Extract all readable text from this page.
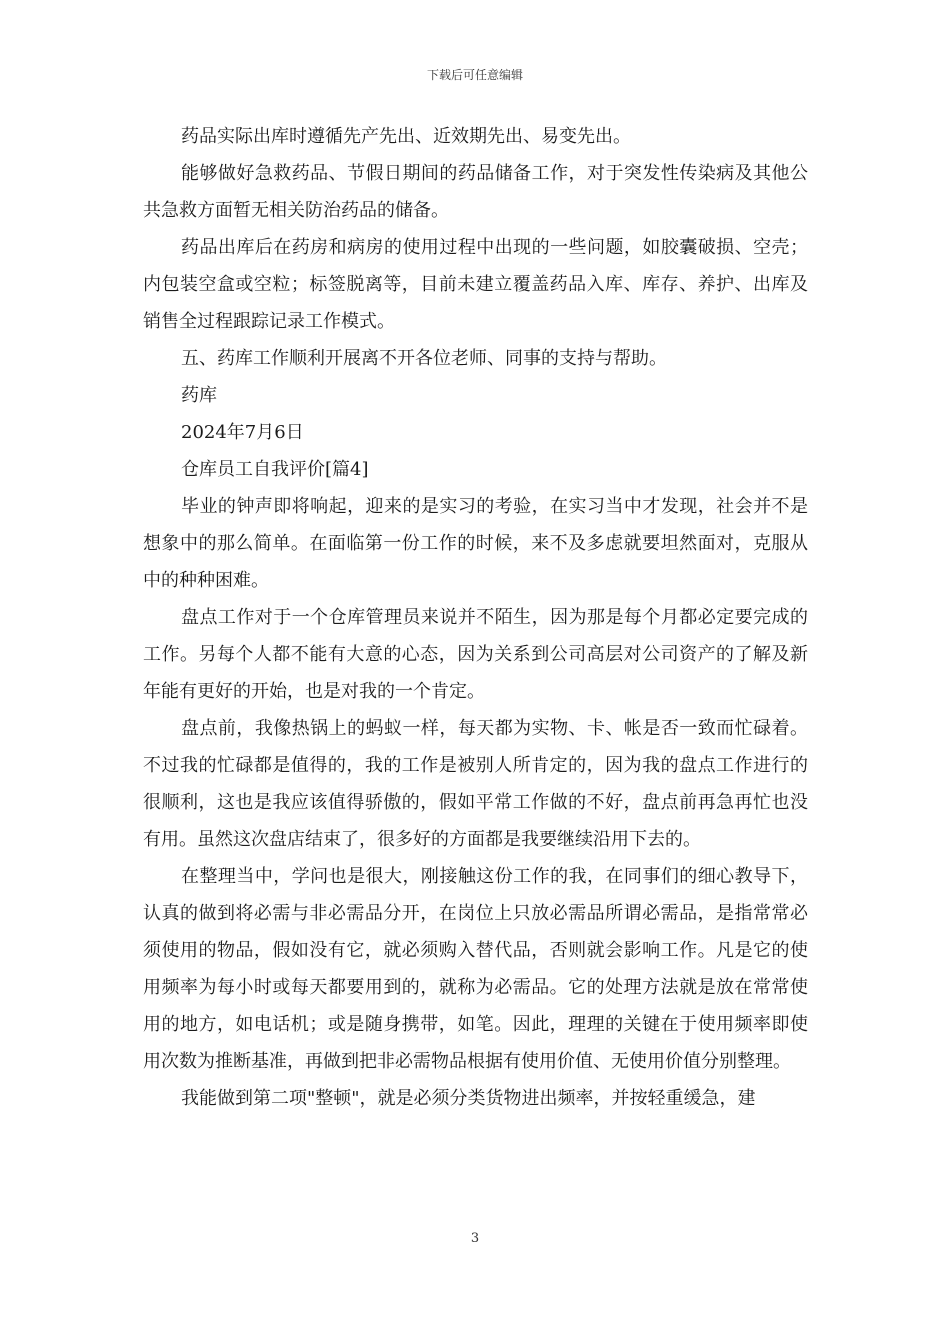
下载后可任意编辑

药品实际出库时遵循先产先出、近效期先出、易变先出。

能够做好急救药品、节假日期间的药品储备工作，对于突发性传染病及其他公共急救方面暂无相关防治药品的储备。

药品出库后在药房和病房的使用过程中出现的一些问题，如胶囊破损、空壳；内包装空盒或空粒；标签脱离等，目前未建立覆盖药品入库、库存、养护、出库及销售全过程跟踪记录工作模式。

五、药库工作顺利开展离不开各位老师、同事的支持与帮助。

药库

2024年7月6日

仓库员工自我评价[篇4]

毕业的钟声即将响起，迎来的是实习的考验，在实习当中才发现，社会并不是想象中的那么简单。在面临第一份工作的时候，来不及多虑就要坦然面对，克服从中的种种困难。

盘点工作对于一个仓库管理员来说并不陌生，因为那是每个月都必定要完成的工作。另每个人都不能有大意的心态，因为关系到公司高层对公司资产的了解及新年能有更好的开始，也是对我的一个肯定。

盘点前，我像热锅上的蚂蚁一样，每天都为实物、卡、帐是否一致而忙碌着。不过我的忙碌都是值得的，我的工作是被别人所肯定的，因为我的盘点工作进行的很顺利，这也是我应该值得骄傲的，假如平常工作做的不好，盘点前再急再忙也没有用。虽然这次盘店结束了，很多好的方面都是我要继续沿用下去的。

在整理当中，学问也是很大，刚接触这份工作的我，在同事们的细心教导下，认真的做到将必需与非必需品分开，在岗位上只放必需品所谓必需品，是指常常必须使用的物品，假如没有它，就必须购入替代品，否则就会影响工作。凡是它的使用频率为每小时或每天都要用到的，就称为必需品。它的处理方法就是放在常常使用的地方，如电话机；或是随身携带，如笔。因此，理理的关键在于使用频率即使用次数为推断基准，再做到把非必需物品根据有使用价值、无使用价值分别整理。

我能做到第二项"整顿"，就是必须分类货物进出频率，并按轻重缓急，建

3
